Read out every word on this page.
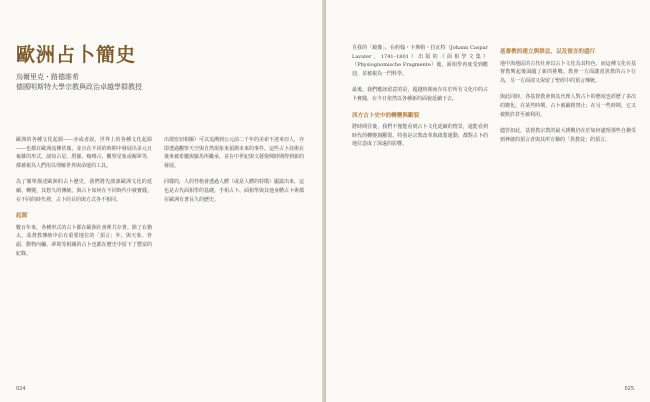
歐洲占卜簡史
烏爾里克・路德維希
德國明斯特大學宗教與政治卓越學群教授

歐洲的各種文化起源——亦或者說，世界上的各種文化起源——也都在歐洲流傳甚廣，並且在不同的時期中發展出多元且複雜的形式。諸如占星、塔羅、咖啡占、觀察星象或解夢等，都被視為人們用以理解世界與命運的工具。

為了簡單描述歐洲的占卜歷史，我們將先談談歐洲文化的延續、轉變，其悠久的傳統、與占卜如何在不同時代中被實踐。在不同的時代裡，占卜的目的與方式各不相同。

起源

數百年來，各種形式的占卜都在歐洲社會裡共存著。除了在猶太、基督教傳統中佔有重要地位的「預言」外，與天象、骨頭、動物內臟、夢境等相關的占卜也都在歷史中留下了豐富的紀錄。

出現密切相關）可以追溯到公元前二千年的美索不達米亞人，亦即透過觀察天空與自然現象來預測未來的事件。這些占卜技術在後來被希臘與羅馬所繼承，並在中世紀與文藝復興時期得到新的發展。

同樣的，人的性格會透過人體（或是人體的特徵）顯露出來，這也是古代面相學的基礎。手相占卜、面相學與其他身體占卜術都在歐洲有著長久的歷史。

024

自我的「鏡像」。在約翰・卡斯帕・拉瓦特（Johann Caspar Lavater，1741–1801）出版的《面相學文集》（Physiognomische Fragmente）後，面相學再度受到歡迎，並被視為一門科學。

最後，我們應該留意的是，超越時間而存在於所有文化中的占卜實踐，在今日依然以各種新的面貌延續下去。

西方古卜史中的轉變與斷裂

將時間往後，我們不僅能看到占卜文化延續的情景，還能看到時代的轉變與斷裂。特別是宗教改革與啟蒙運動，都對占卜的地位造成了深遠的影響。

基督教的建立與禁忌，以及預言的盛行

地中海地區的古代社會以占卜文化為其特色，而這種文化在基督教興起後面臨了新的挑戰。教會一方面譴責異教的占卜行為，另一方面卻又保留了聖經中的預言傳統。

與此同時，各基督教會與其代理人對占卜的態度也經歷了多次的變化。在某些時期，占卜被嚴格禁止；在另一些時期，它又被默許甚至被利用。

儘管如此，基督教宗教的最大挑戰仍在於如何處理那些自稱受到神啟的預言者與其所宣稱的「異教徒」的預言。

025
